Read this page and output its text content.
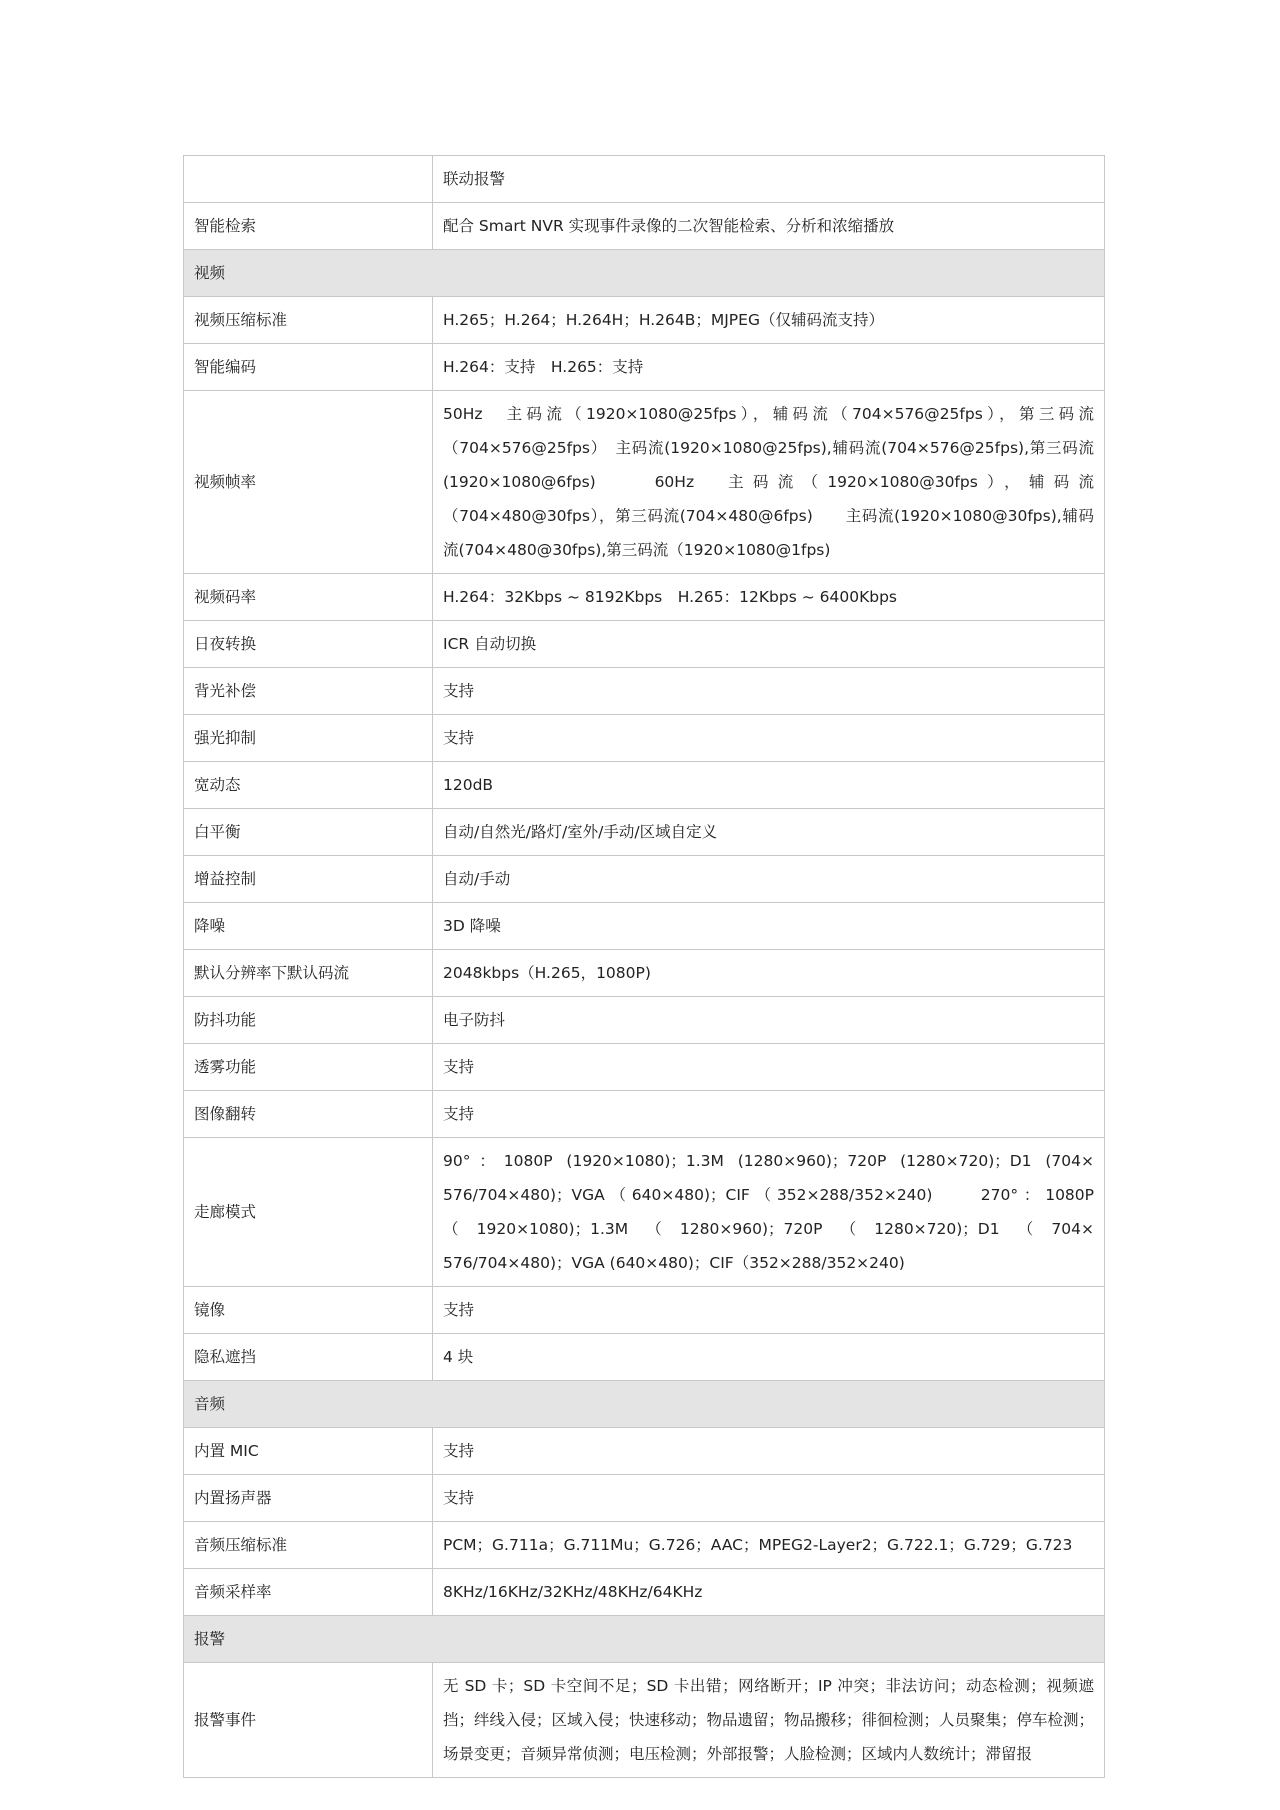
	联动报警
智能检索	配合 Smart NVR 实现事件录像的二次智能检索、分析和浓缩播放
视频	
视频压缩标准	H.265；H.264；H.264H；H.264B；MJPEG（仅辅码流支持）
智能编码	H.264：支持　H.265：支持
视频帧率	50Hz　主码流（1920×1080@25fps），辅码流（704×576@25fps），第三码流（704×576@25fps）　主码流(1920×1080@25fps),辅码流(704×576@25fps),第三码流(1920×1080@6fps)　　60Hz　主码流（1920×1080@30fps），辅码流（704×480@30fps），第三码流(704×480@6fps)　　主码流(1920×1080@30fps),辅码流(704×480@30fps),第三码流（1920×1080@1fps)
视频码率	H.264：32Kbps ~ 8192Kbps　H.265：12Kbps ~ 6400Kbps
日夜转换	ICR 自动切换
背光补偿	支持
强光抑制	支持
宽动态	120dB
白平衡	自动/自然光/路灯/室外/手动/区域自定义
增益控制	自动/手动
降噪	3D 降噪
默认分辨率下默认码流	2048kbps（H.265，1080P)
防抖功能	电子防抖
透雾功能	支持
图像翻转	支持
走廊模式	90°：1080P (1920×1080)；1.3M (1280×960)；720P (1280×720)；D1 (704× 576/704×480)；VGA（640×480)；CIF（352×288/352×240)　　270°：1080P（1920×1080)；1.3M（1280×960)；720P（1280×720)；D1（704× 576/704×480)；VGA (640×480)；CIF（352×288/352×240)
镜像	支持
隐私遮挡	4 块
音频	
内置 MIC	支持
内置扬声器	支持
音频压缩标准	PCM；G.711a；G.711Mu；G.726；AAC；MPEG2-Layer2；G.722.1；G.729；G.723
音频采样率	8KHz/16KHz/32KHz/48KHz/64KHz
报警	
报警事件	无 SD 卡；SD 卡空间不足；SD 卡出错；网络断开；IP 冲突；非法访问；动态检测；视频遮挡；绊线入侵；区域入侵；快速移动；物品遗留；物品搬移；徘徊检测；人员聚集；停车检测；场景变更；音频异常侦测；电压检测；外部报警；人脸检测；区域内人数统计；滞留报
